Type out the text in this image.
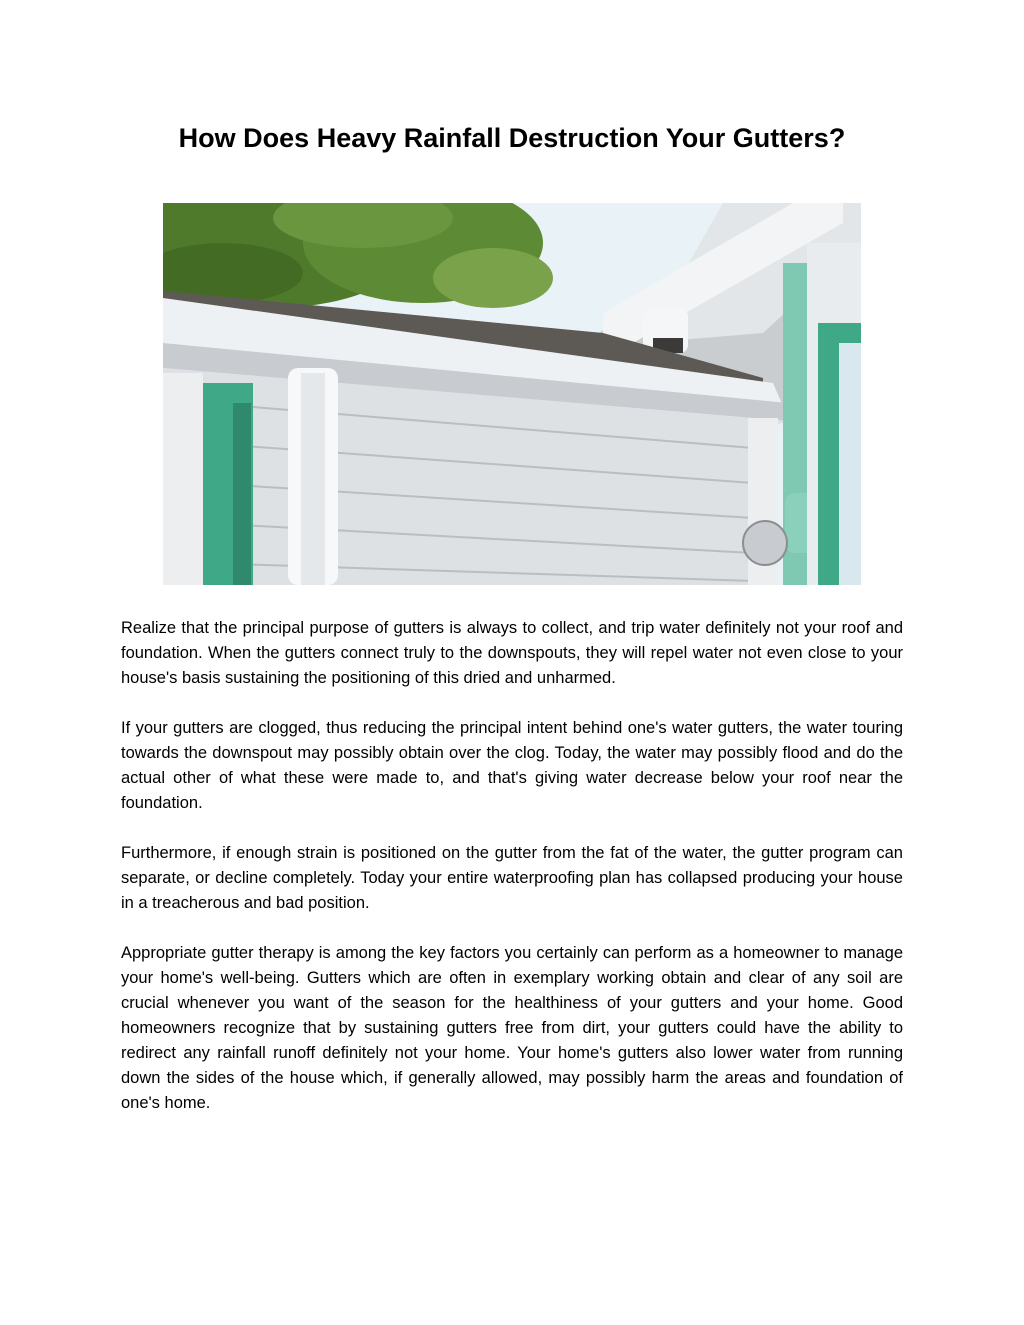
How Does Heavy Rainfall Destruction Your Gutters?

Realize that the principal purpose of gutters is always to collect, and trip water definitely not your roof and foundation. When the gutters connect truly to the downspouts, they will repel water not even close to your house's basis sustaining the positioning of this dried and unharmed.

If your gutters are clogged, thus reducing the principal intent behind one's water gutters, the water touring towards the downspout may possibly obtain over the clog. Today, the water may possibly flood and do the actual other of what these were made to, and that's giving water decrease below your roof near the foundation.

Furthermore, if enough strain is positioned on the gutter from the fat of the water, the gutter program can separate, or decline completely. Today your entire waterproofing plan has collapsed producing your house in a treacherous and bad position.

Appropriate gutter therapy is among the key factors you certainly can perform as a homeowner to manage your home's well-being. Gutters which are often in exemplary working obtain and clear of any soil are crucial whenever you want of the season for the healthiness of your gutters and your home. Good homeowners recognize that by sustaining gutters free from dirt, your gutters could have the ability to redirect any rainfall runoff definitely not your home. Your home's gutters also lower water from running down the sides of the house which, if generally allowed, may possibly harm the areas and foundation of one's home.
